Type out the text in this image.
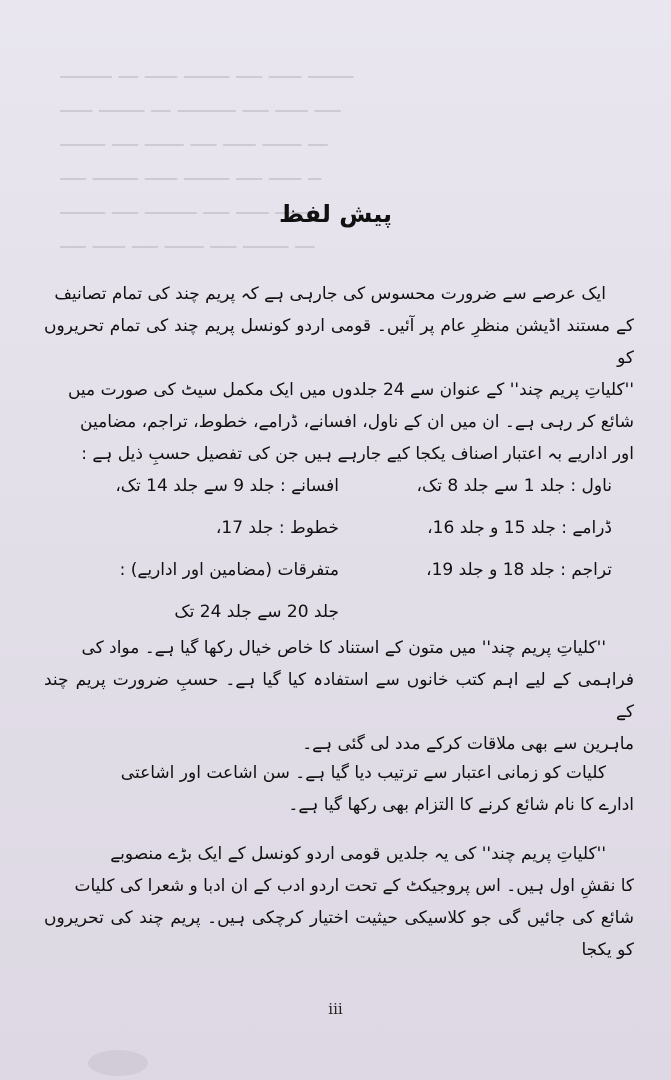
ــــــــ ـــ ـــــ ـــــــ ــــ ـــــ ـــــــ
ـــــ ـــــــ ـــ ـــــــــ ــــ ـــــ ــــ
ـــــــ ــــ ــــــ ــــ ـــــ ــــــ ـــ
ــــ ـــــــ ـــــ ـــــــ ــــ ـــــ ــ
ـــــــ ــــ ــــــــ ــــ ـــــ ــــــ
ــــ ـــــ ــــ ــــــ ــــ ـــــــ ـــ
پیش لفظ

ایک عرصے سے ضرورت محسوس کی جارہی ہے کہ پریم چند کی تمام تصانیف

کے مستند اڈیشن منظرِ عام پر آئیں۔ قومی اردو کونسل پریم چند کی تمام تحریروں کو

''کلیاتِ پریم چند'' کے عنوان سے 24 جلدوں میں ایک مکمل سیٹ کی صورت میں

شائع کر رہی ہے۔ ان میں ان کے ناول، افسانے، ڈرامے، خطوط، تراجم، مضامین

اور اداریے بہ اعتبار اصناف یکجا کیے جارہے ہیں جن کی تفصیل حسبِ ذیل ہے :

ناول : جلد 1 سے جلد 8 تک،
افسانے : جلد 9 سے جلد 14 تک،
ڈرامے : جلد 15 و جلد 16،
خطوط : جلد 17،
تراجم : جلد 18 و جلد 19،
متفرقات (مضامین اور اداریے) :
جلد 20 سے جلد 24 تک

''کلیاتِ پریم چند'' میں متون کے استناد کا خاص خیال رکھا گیا ہے۔ مواد کی

فراہمی کے لیے اہم کتب خانوں سے استفادہ کیا گیا ہے۔ حسبِ ضرورت پریم چند کے

ماہرین سے بھی ملاقات کرکے مدد لی گئی ہے۔

کلیات کو زمانی اعتبار سے ترتیب دیا گیا ہے۔ سن اشاعت اور اشاعتی

ادارے کا نام شائع کرنے کا التزام بھی رکھا گیا ہے۔

''کلیاتِ پریم چند'' کی یہ جلدیں قومی اردو کونسل کے ایک بڑے منصوبے

کا نقشِ اول ہیں۔ اس پروجیکٹ کے تحت اردو ادب کے ان ادبا و شعرا کی کلیات

شائع کی جائیں گی جو کلاسیکی حیثیت اختیار کرچکی ہیں۔ پریم چند کی تحریروں کو یکجا

iii
